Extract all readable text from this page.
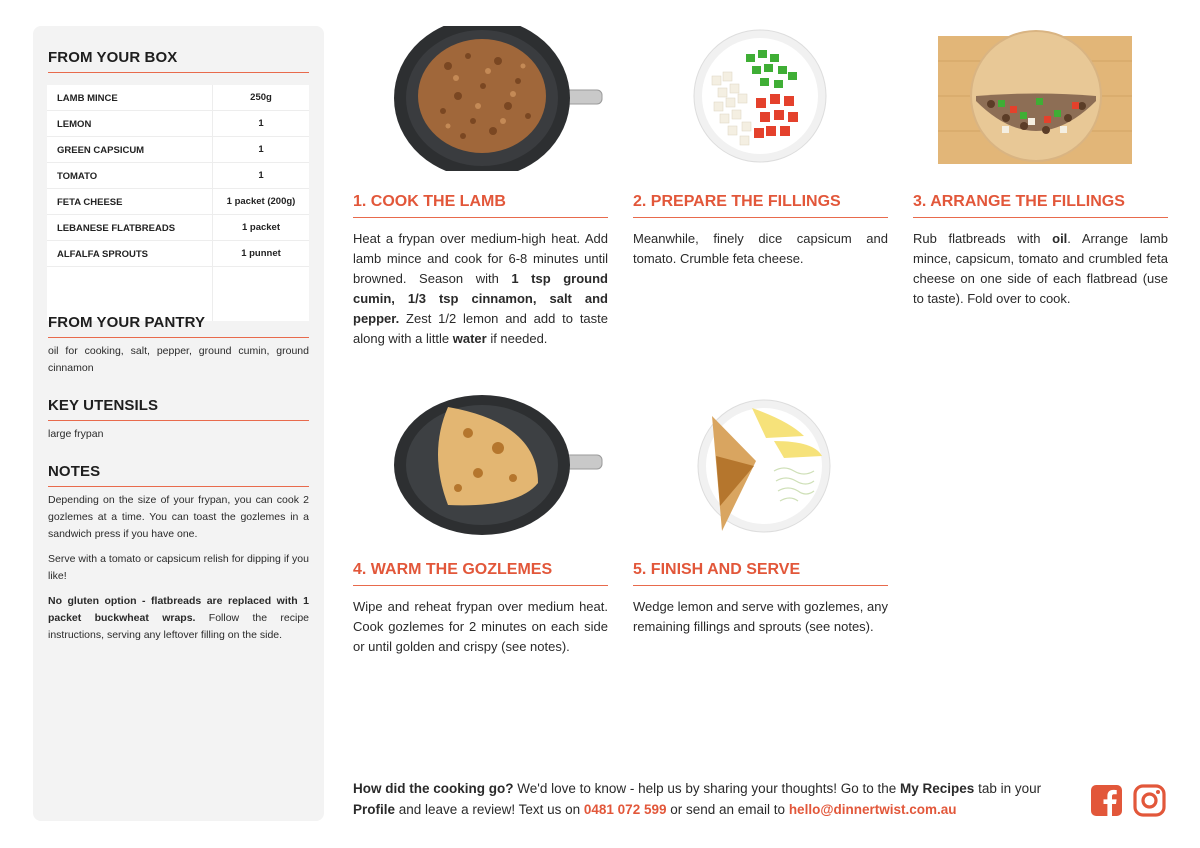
FROM YOUR BOX
LAMB MINCE	250g
LEMON	1
GREEN CAPSICUM	1
TOMATO	1
FETA CHEESE	1 packet (200g)
LEBANESE FLATBREADS	1 packet
ALFALFA SPROUTS	1 punnet
FROM YOUR PANTRY
oil for cooking, salt, pepper, ground cumin, ground cinnamon
KEY UTENSILS
large frypan
NOTES
Depending on the size of your frypan, you can cook 2 gozlemes at a time. You can toast the gozlemes in a sandwich press if you have one.
Serve with a tomato or capsicum relish for dipping if you like!
No gluten option - flatbreads are replaced with 1 packet buckwheat wraps. Follow the recipe instructions, serving any leftover filling on the side.
1. COOK THE LAMB
Heat a frypan over medium-high heat. Add lamb mince and cook for 6-8 minutes until browned. Season with 1 tsp ground cumin, 1/3 tsp cinnamon, salt and pepper. Zest 1/2 lemon and add to taste along with a little water if needed.
2. PREPARE THE FILLINGS
Meanwhile, finely dice capsicum and tomato. Crumble feta cheese.
3. ARRANGE THE FILLINGS
Rub flatbreads with oil. Arrange lamb mince, capsicum, tomato and crumbled feta cheese on one side of each flatbread (use to taste). Fold over to cook.
4. WARM THE GOZLEMES
Wipe and reheat frypan over medium heat. Cook gozlemes for 2 minutes on each side or until golden and crispy (see notes).
5. FINISH AND SERVE
Wedge lemon and serve with gozlemes, any remaining fillings and sprouts (see notes).
How did the cooking go? We'd love to know - help us by sharing your thoughts! Go to the My Recipes tab in your Profile and leave a review! Text us on 0481 072 599 or send an email to hello@dinnertwist.com.au
